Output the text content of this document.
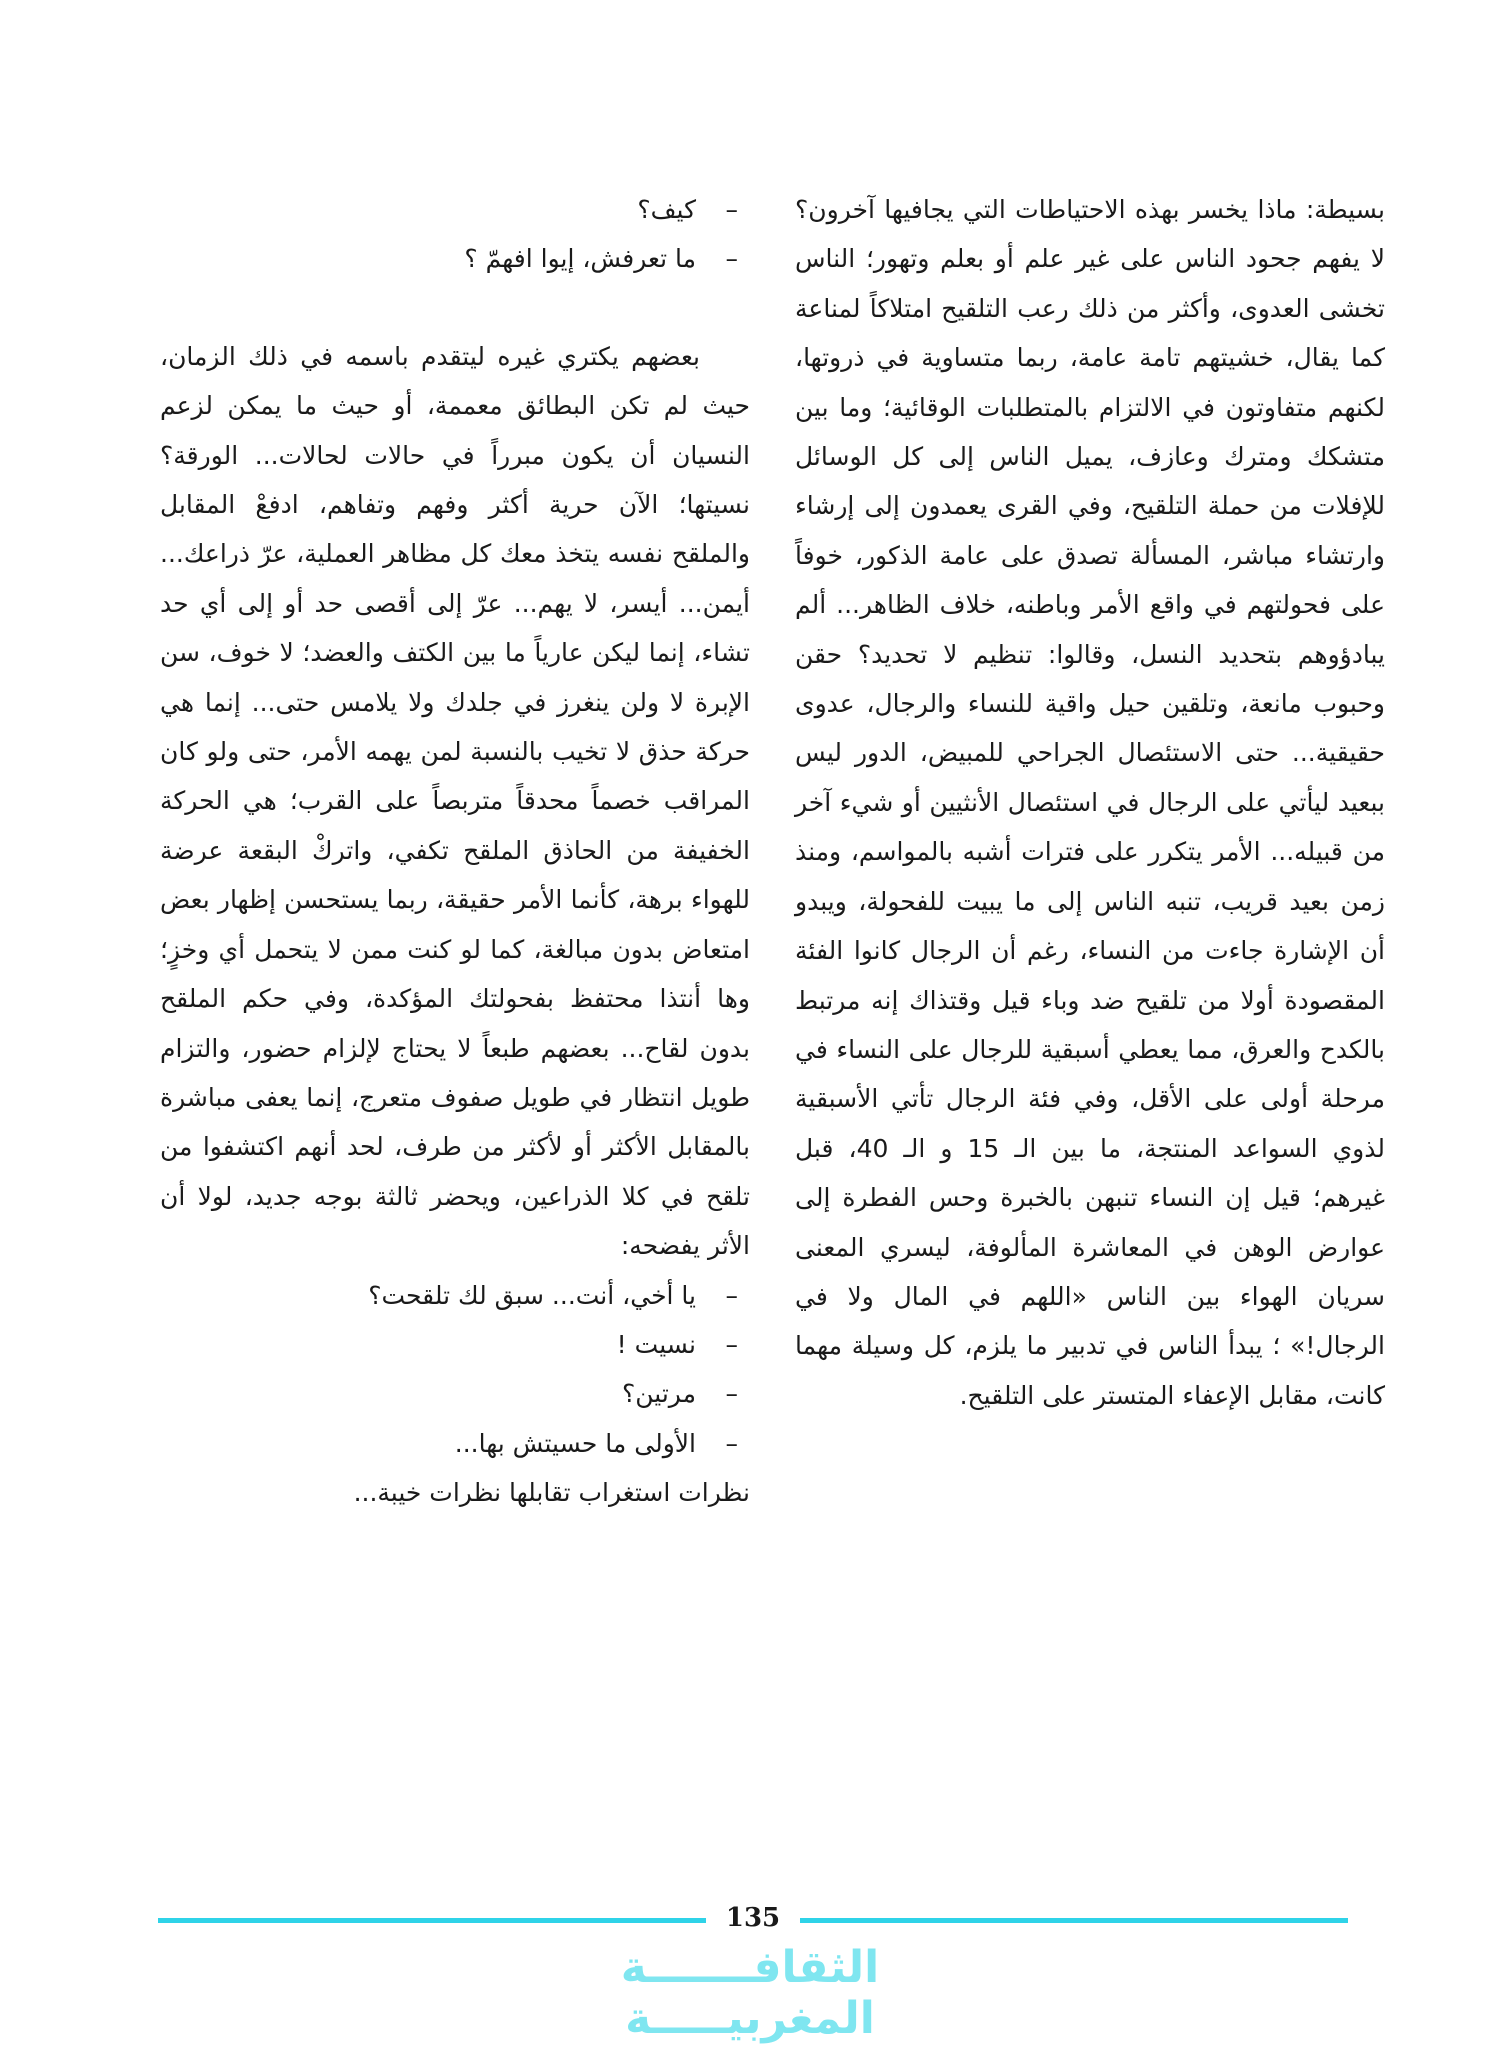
بسيطة: ماذا يخسر بهذه الاحتياطات التي يجافيها آخرون؟ لا يفهم جحود الناس على غير علم أو بعلم وتهور؛ الناس تخشى العدوى، وأكثر من ذلك رعب التلقيح امتلاكاً لمناعة كما يقال، خشيتهم تامة عامة، ربما متساوية في ذروتها، لكنهم متفاوتون في الالتزام بالمتطلبات الوقائية؛ وما بين متشكك ومترك وعازف، يميل الناس إلى كل الوسائل للإفلات من حملة التلقيح، وفي القرى يعمدون إلى إرشاء وارتشاء مباشر، المسألة تصدق على عامة الذكور، خوفاً على فحولتهم في واقع الأمر وباطنه، خلاف الظاهر... ألم يبادؤوهم بتحديد النسل، وقالوا: تنظيم لا تحديد؟ حقن وحبوب مانعة، وتلقين حيل واقية للنساء والرجال، عدوى حقيقية... حتى الاستئصال الجراحي للمبيض، الدور ليس ببعيد ليأتي على الرجال في استئصال الأنثيين أو شيء آخر من قبيله... الأمر يتكرر على فترات أشبه بالمواسم، ومنذ زمن بعيد قريب، تنبه الناس إلى ما يبيت للفحولة، ويبدو أن الإشارة جاءت من النساء، رغم أن الرجال كانوا الفئة المقصودة أولا من تلقيح ضد وباء قيل وقتذاك إنه مرتبط بالكدح والعرق، مما يعطي أسبقية للرجال على النساء في مرحلة أولى على الأقل، وفي فئة الرجال تأتي الأسبقية لذوي السواعد المنتجة، ما بين الـ 15 و الـ 40، قبل غيرهم؛ قيل إن النساء تنبهن بالخبرة وحس الفطرة إلى عوارض الوهن في المعاشرة المألوفة، ليسري المعنى سريان الهواء بين الناس «اللهم في المال ولا في الرجال!» ؛ يبدأ الناس في تدبير ما يلزم، كل وسيلة مهما كانت، مقابل الإعفاء المتستر على التلقيح.

– كيف؟
– ما تعرفش، إيوا افهمّ ؟

بعضهم يكتري غيره ليتقدم باسمه في ذلك الزمان، حيث لم تكن البطائق معممة، أو حيث ما يمكن لزعم النسيان أن يكون مبرراً في حالات لحالات... الورقة؟ نسيتها؛ الآن حرية أكثر وفهم وتفاهم، ادفعْ المقابل والملقح نفسه يتخذ معك كل مظاهر العملية، عرّ ذراعك... أيمن... أيسر، لا يهم... عرّ إلى أقصى حد أو إلى أي حد تشاء، إنما ليكن عارياً ما بين الكتف والعضد؛ لا خوف، سن الإبرة لا ولن ينغرز في جلدك ولا يلامس حتى... إنما هي حركة حذق لا تخيب بالنسبة لمن يهمه الأمر، حتى ولو كان المراقب خصماً محدقاً متربصاً على القرب؛ هي الحركة الخفيفة من الحاذق الملقح تكفي، واتركْ البقعة عرضة للهواء برهة، كأنما الأمر حقيقة، ربما يستحسن إظهار بعض امتعاض بدون مبالغة، كما لو كنت ممن لا يتحمل أي وخزٍ؛ وها أنتذا محتفظ بفحولتك المؤكدة، وفي حكم الملقح بدون لقاح... بعضهم طبعاً لا يحتاج لإلزام حضور، والتزام طويل انتظار في طويل صفوف متعرج، إنما يعفى مباشرة بالمقابل الأكثر أو لأكثر من طرف، لحد أنهم اكتشفوا من تلقح في كلا الذراعين، ويحضر ثالثة بوجه جديد، لولا أن الأثر يفضحه:

– يا أخي، أنت... سبق لك تلقحت؟
– نسيت !
– مرتين؟
– الأولى ما حسيتش بها...

نظرات استغراب تقابلها نظرات خيبة...

135
الثقافـــــــة المغربيـــــة
